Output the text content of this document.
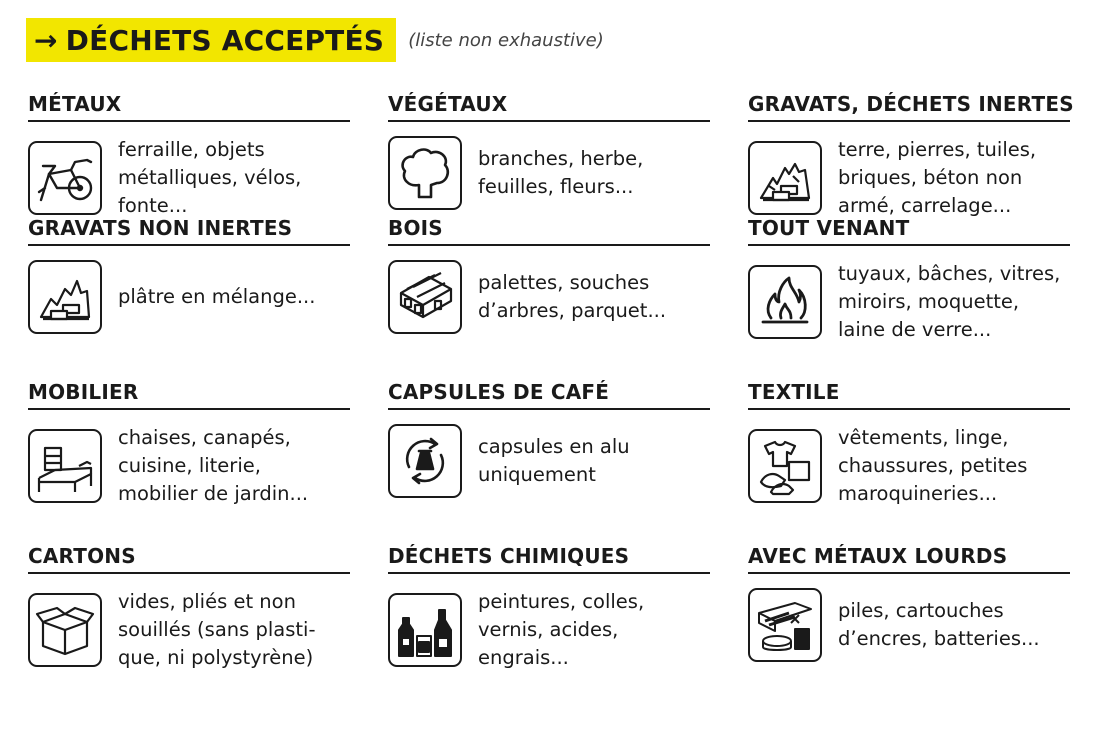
→ DÉCHETS ACCEPTÉS (liste non exhaustive)
MÉTAUX
ferraille, objets
métalliques, vélos,
fonte...
VÉGÉTAUX
branches, herbe,
feuilles, fleurs...
GRAVATS, DÉCHETS INERTES
terre, pierres, tuiles,
briques, béton non
armé, carrelage...
GRAVATS NON INERTES
plâtre en mélange...
BOIS
palettes, souches
d’arbres, parquet...
TOUT VENANT
tuyaux, bâches, vitres,
miroirs, moquette,
laine de verre...
MOBILIER
chaises, canapés,
cuisine, literie,
mobilier de jardin...
CAPSULES DE CAFÉ
capsules en alu
uniquement
TEXTILE
vêtements, linge,
chaussures, petites
maroquineries...
CARTONS
vides, pliés et non
souillés (sans plasti-
que, ni polystyrène)
DÉCHETS CHIMIQUES
peintures, colles,
vernis, acides,
engrais...
AVEC MÉTAUX LOURDS
piles, cartouches
d’encres, batteries...
